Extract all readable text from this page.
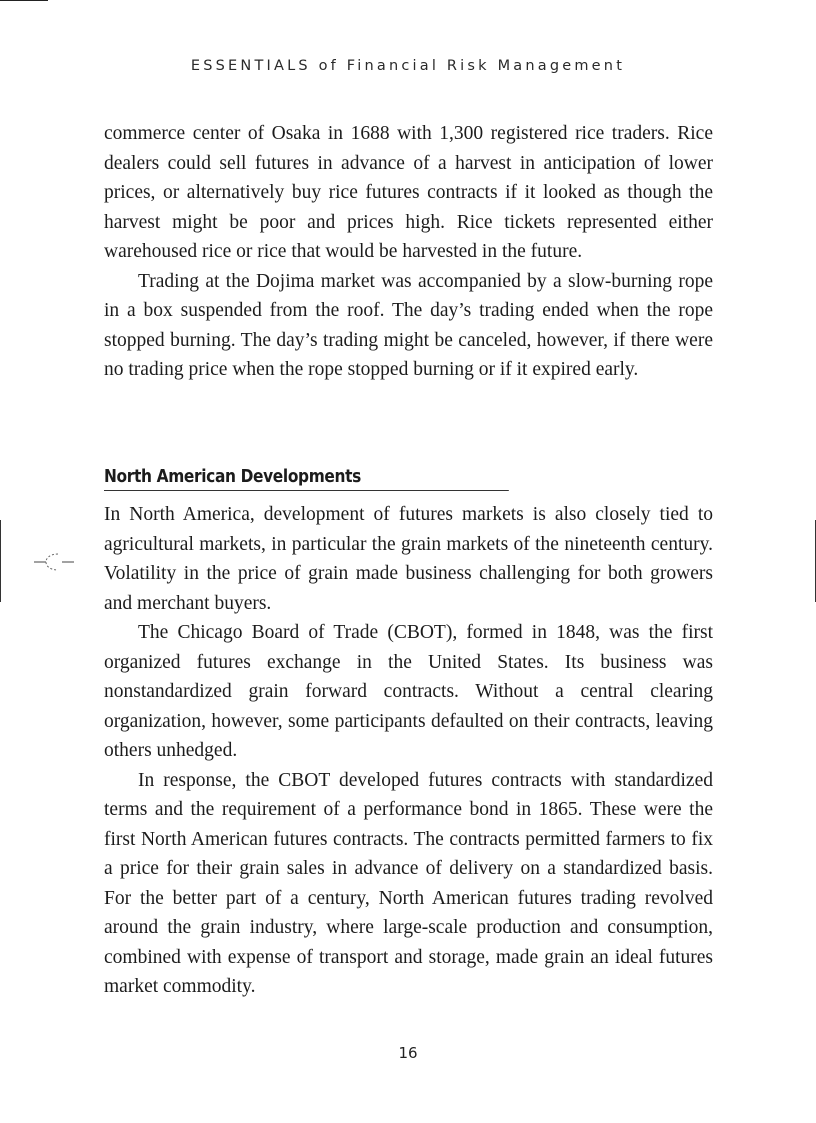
ESSENTIALS of Financial Risk Management

commerce center of Osaka in 1688 with 1,300 registered rice traders. Rice dealers could sell futures in advance of a harvest in anticipation of lower prices, or alternatively buy rice futures contracts if it looked as though the harvest might be poor and prices high. Rice tickets represented either warehoused rice or rice that would be harvested in the future.

Trading at the Dojima market was accompanied by a slow-burning rope in a box suspended from the roof. The day’s trading ended when the rope stopped burning. The day’s trading might be canceled, however, if there were no trading price when the rope stopped burning or if it expired early.

North American Developments

In North America, development of futures markets is also closely tied to agricultural markets, in particular the grain markets of the nineteenth century. Volatility in the price of grain made business challenging for both growers and merchant buyers.

The Chicago Board of Trade (CBOT), formed in 1848, was the first organized futures exchange in the United States. Its business was nonstandardized grain forward contracts. Without a central clearing organization, however, some participants defaulted on their contracts, leaving others unhedged.

In response, the CBOT developed futures contracts with standardized terms and the requirement of a performance bond in 1865. These were the first North American futures contracts. The contracts permitted farmers to fix a price for their grain sales in advance of delivery on a standardized basis. For the better part of a century, North American futures trading revolved around the grain industry, where large-scale production and consumption, combined with expense of transport and storage, made grain an ideal futures market commodity.

16
